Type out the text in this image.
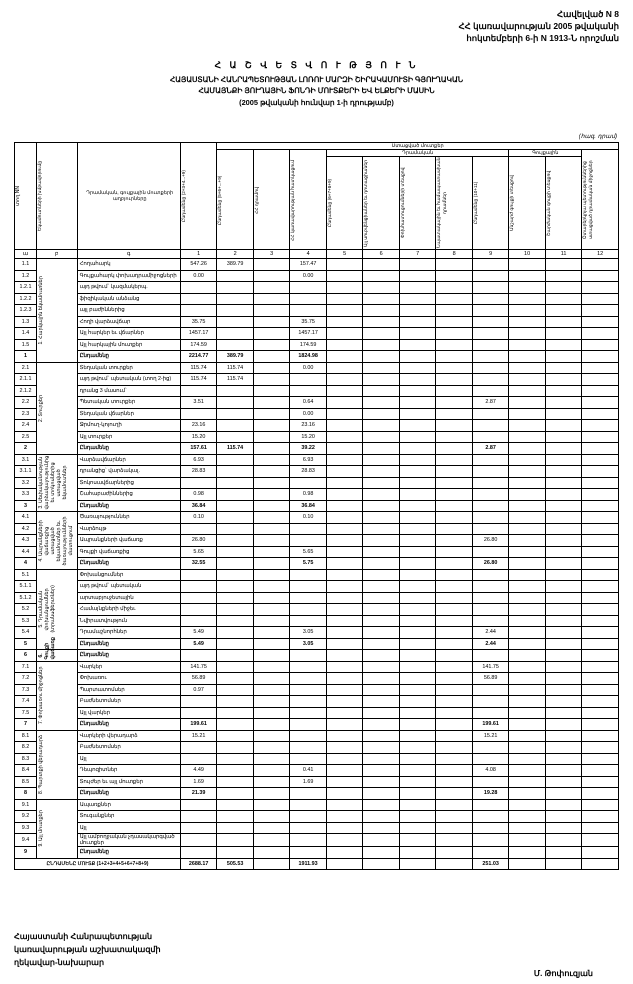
Հավելված N 8
ՀՀ կառավարության 2005 թվականի
հոկտեմբերի 6-ի N 1913-Ն որոշման
Հ Ա Շ Վ Ե Տ Վ Ո Ւ Թ Յ Ո Ւ Ն
ՀԱՅԱՍՏԱՆԻ ՀԱՆՐԱՊԵՏՈՒԹՅԱՆ ԼՈՌՈՒ ՄԱՐԶԻ ՇԻՐԱԿԱՄՈՒՏԻ ԳՅՈՒՂԱԿԱՆ
ՀԱՄԱՅՆՔԻ ՅՈՒՂԱՅԻՆ ՖՈՆԴԻ ՄՈՒՏՔԵՐԻ ԵՎ ԵԼՔԵՐԻ ՄԱՍԻՆ
(2005 թվականի հունվար 1-ի դրությամբ)
(հազ. դրամ)
տող NN	Եկամուտների խմբավորումը	Դրամական, գույքային մուտքերի աղբյուրները	Ընդամենը (2+3+4...+9)	Ստացված մուտքեր										

				Ընդամենը (5+6+...+9)	ՀՀ դրամով	ՀՀ կառավարության հատկացում	Դրամական					Գույքային		Օտարերկրյա պետություններից ստացված դրամական միջոցներ

							Ընդամենը (6+7+8+9)	Այլ սուբվենցիաներ եւ դոտացիաներ	Փոխհատուցումների տեսքով	Նպատակային եւ համապատասխան դրամներ	Ընդամենը (10+11)	Անշարժ գույքի տեսքով	Շարժական գույքի տեսքով	

ա	բ	գ	1	2	3	4	5	6	7	8	9	10	11	12
1.1	1. Հարկային եկամուտներ	Հողահարկ	547.26	389.79		157.47								
1.2		Գույքահարկ փոխադրամիջոցների	0.00			0.00								
1.2.1		այդ թվում` կազմակերպ.												
1.2.2		ֆիզիկական անձանց												
1.2.3		այլ բաժիններից												
1.3		Հողի վարձավճար	35.75			35.75								
1.4		Այլ հարկեր եւ վճարներ	1457.17			1457.17								
1.5		Այլ հարկային մուտքեր	174.59			174.59								
1		Ընդամենը	2214.77	389.79		1824.98								
2.1	2. Տուրքեր	Տեղական տուրքեր	115.74	115.74		0.00								
2.1.1		այդ թվում` պետական (տող 2-ից)	115.74	115.74										
2.1.2		դրանց 3 մասում`												
2.2		Պետական տուրքեր	3.51			0.64					2.87			
2.3		Տեղական վճարներ				0.00								
2.4		Ջրմուղ-կոյուղի	23.16			23.16								
2.5		Այլ տուրքեր	15.20			15.20								
2		Ընդամենը	157.61	115.74		39.22					2.87			
3.1	3. Սեփականության վարձակալությունից եւ տոկոսներից ստացված եկամուտներ	Վարձավճարներ	6.93			6.93								
3.1.1		դրանցից` վարձակալ.	28.83			28.83								
3.2		Տոկոսավճարներից												
3.3		Շահաբաժիններից	0.98			0.98								
3		Ընդամենը	36.84			36.84								
4.1	4. Ապրանքների վաճառքից ստացված եկամուտներ եւ ծառայությունների մատուցում	Ծառայություններ	0.10			0.10								
4.2		Վարձույթ												
4.3		Ապրանքների վաճառք	26.80								26.80			
4.4		Գույքի վաճառքից	5.65			5.65								
4		Ընդամենը	32.55			5.75					26.80			
5.1	5. Դրամական փոխանցումներ (տրանսֆերտներ)	Փոխանցումներ												
5.1.1		այդ թվում` պետական												
5.1.2		արտաբյուջետային												
5.2		Համայնքների միջեւ												
5.3		Նվիրատվություն												
5.4		Դրամաշնորհներ	5.49			3.05					2.44			
5		Ընդամենը	5.49			3.05					2.44			
6	6. Գույքի վաճառք	Ընդամենը												
7.1	7. Փոխառու միջոցներ	Վարկեր	141.75								141.75			
7.2		Փոխառու	56.89								56.89			
7.3		Պարտատոմսեր	0.97											
7.4		Բաժնետոմսեր												
7.5		Այլ վարկեր												
7		Ընդամենը	199.61								199.61			
8.1	8. Պարտքի վերադարձ	Վարկերի վերադարձ	15.21								15.21			
8.2		Բաժնետոմսեր												
8.3		Այլ												
8.4		Դեպոզիտներ	4.49			0.41					4.08			
8.5		Տույժեր եւ այլ մուտքեր	1.69			1.69								
8		Ընդամենը	21.39								19.28			
9.1	9. Այլ մուտքեր	Ապառքներ												
9.2		Տուգանքներ												
9.3		Այլ												
9.4		Այլ ամբողջական չդասակարգված մուտքեր												
9		Ընդամենը												
ԸՆԴԱՄԵՆԸ ՄՈՒՏՔ (1+2+3+4+5+6+7+8+9)			2688.17	505.53		1911.93					251.03			
Հայաստանի Հանրապետության
կառավարության աշխատակազմի
ղեկավար-նախարար
Մ. Թոփուզյան
